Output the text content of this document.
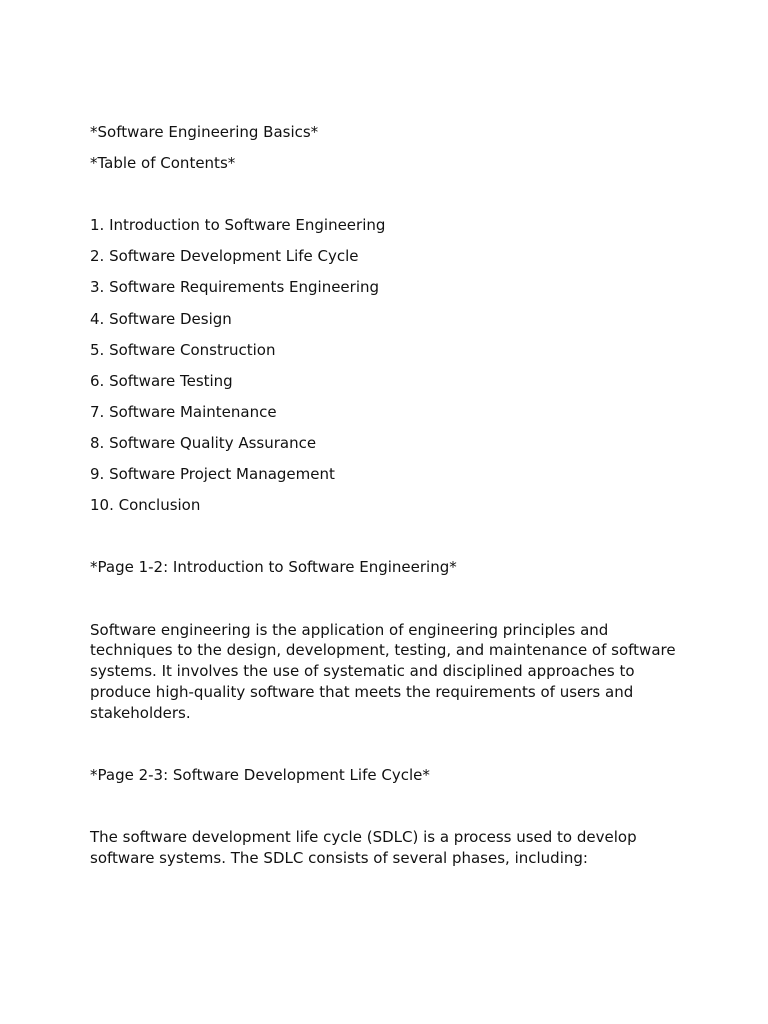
*Software Engineering Basics*

*Table of Contents*

1. Introduction to Software Engineering
2. Software Development Life Cycle
3. Software Requirements Engineering
4. Software Design
5. Software Construction
6. Software Testing
7. Software Maintenance
8. Software Quality Assurance
9. Software Project Management
10. Conclusion

*Page 1-2: Introduction to Software Engineering*

Software engineering is the application of engineering principles and techniques to the design, development, testing, and maintenance of software systems. It involves the use of systematic and disciplined approaches to produce high-quality software that meets the requirements of users and stakeholders.

*Page 2-3: Software Development Life Cycle*

The software development life cycle (SDLC) is a process used to develop software systems. The SDLC consists of several phases, including:
